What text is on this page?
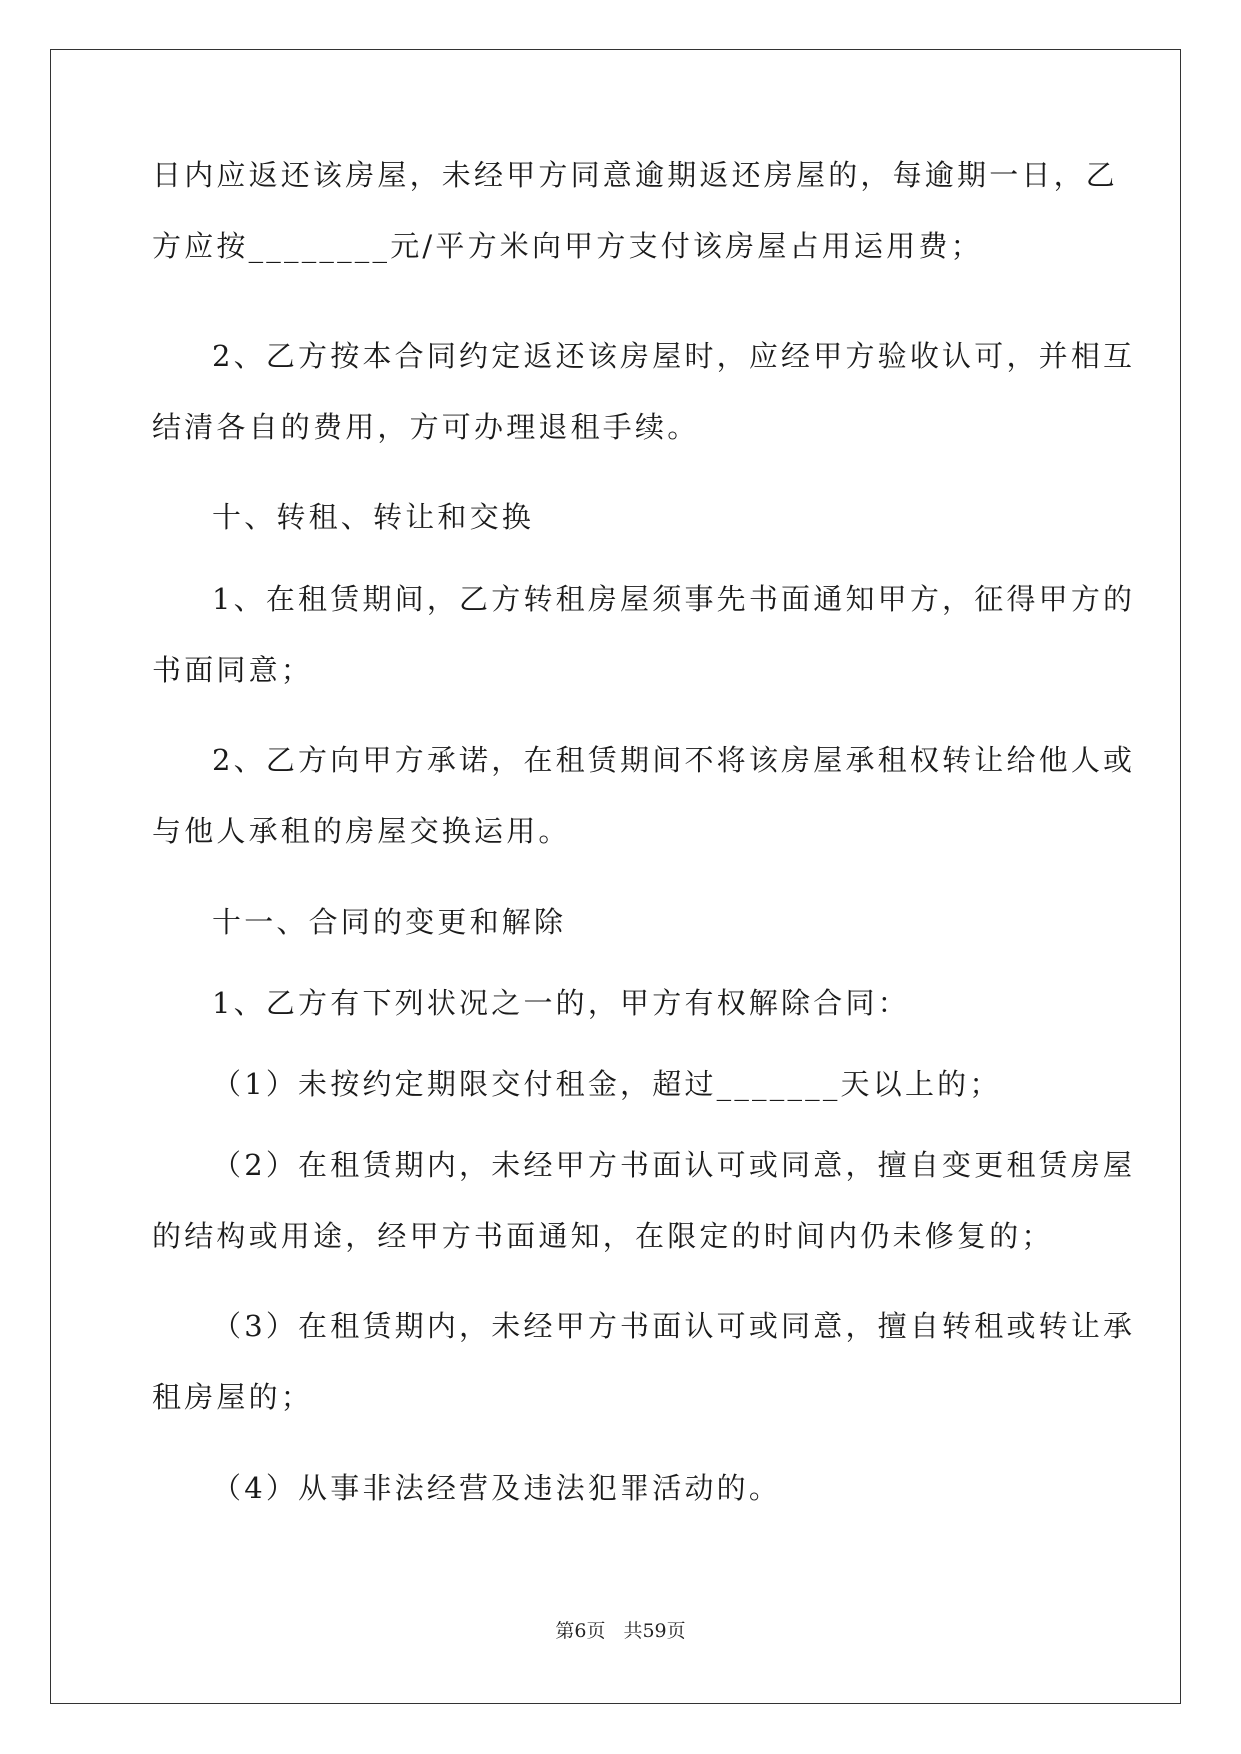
日内应返还该房屋，未经甲方同意逾期返还房屋的，每逾期一日，乙
方应按________元/平方米向甲方支付该房屋占用运用费；
2、乙方按本合同约定返还该房屋时，应经甲方验收认可，并相互
结清各自的费用，方可办理退租手续。
十、转租、转让和交换
1、在租赁期间，乙方转租房屋须事先书面通知甲方，征得甲方的
书面同意；
2、乙方向甲方承诺，在租赁期间不将该房屋承租权转让给他人或
与他人承租的房屋交换运用。
十一、合同的变更和解除
1、乙方有下列状况之一的，甲方有权解除合同：
（1）未按约定期限交付租金，超过_______天以上的；
（2）在租赁期内，未经甲方书面认可或同意，擅自变更租赁房屋
的结构或用途，经甲方书面通知，在限定的时间内仍未修复的；
（3）在租赁期内，未经甲方书面认可或同意，擅自转租或转让承
租房屋的；
（4）从事非法经营及违法犯罪活动的。
第6页 共59页
